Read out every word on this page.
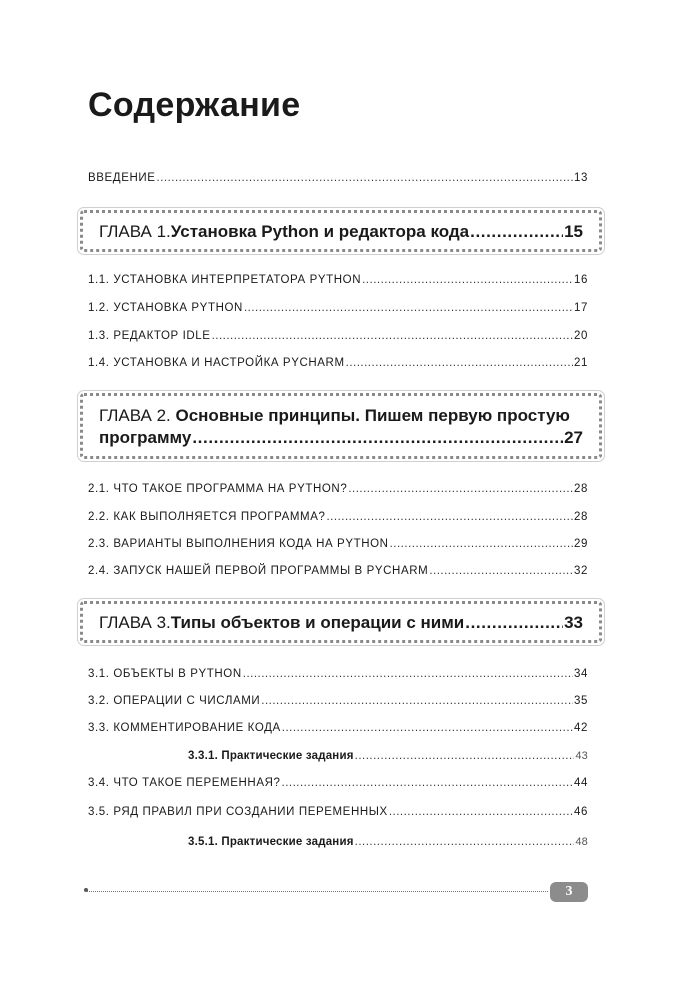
Содержание
ВВЕДЕНИЕ .....	13
ГЛАВА 1. Установка Python и редактора кода .....	15
1.1. УСТАНОВКА ИНТЕРПРЕТАТОРА PYTHON .....	16
1.2. УСТАНОВКА PYTHON .....	17
1.3. РЕДАКТОР IDLE .....	20
1.4. УСТАНОВКА И НАСТРОЙКА PYCHARM .....	21
ГЛАВА 2. Основные принципы. Пишем первую простую
программу .....	27
2.1. ЧТО ТАКОЕ ПРОГРАММА НА PYTHON? .....	28
2.2. КАК ВЫПОЛНЯЕТСЯ ПРОГРАММА? .....	28
2.3. ВАРИАНТЫ ВЫПОЛНЕНИЯ КОДА НА PYTHON .....	29
2.4. ЗАПУСК НАШЕЙ ПЕРВОЙ ПРОГРАММЫ В PYCHARM .....	32
ГЛАВА 3. Типы объектов и операции с ними .....	33
3.1. ОБЪЕКТЫ В PYTHON .....	34
3.2. ОПЕРАЦИИ С ЧИСЛАМИ .....	35
3.3. КОММЕНТИРОВАНИЕ КОДА .....	42
3.3.1. Практические задания .....	43
3.4. ЧТО ТАКОЕ ПЕРЕМЕННАЯ? .....	44
3.5. РЯД ПРАВИЛ ПРИ СОЗДАНИИ ПЕРЕМЕННЫХ .....	46
3.5.1. Практические задания .....	48
3
